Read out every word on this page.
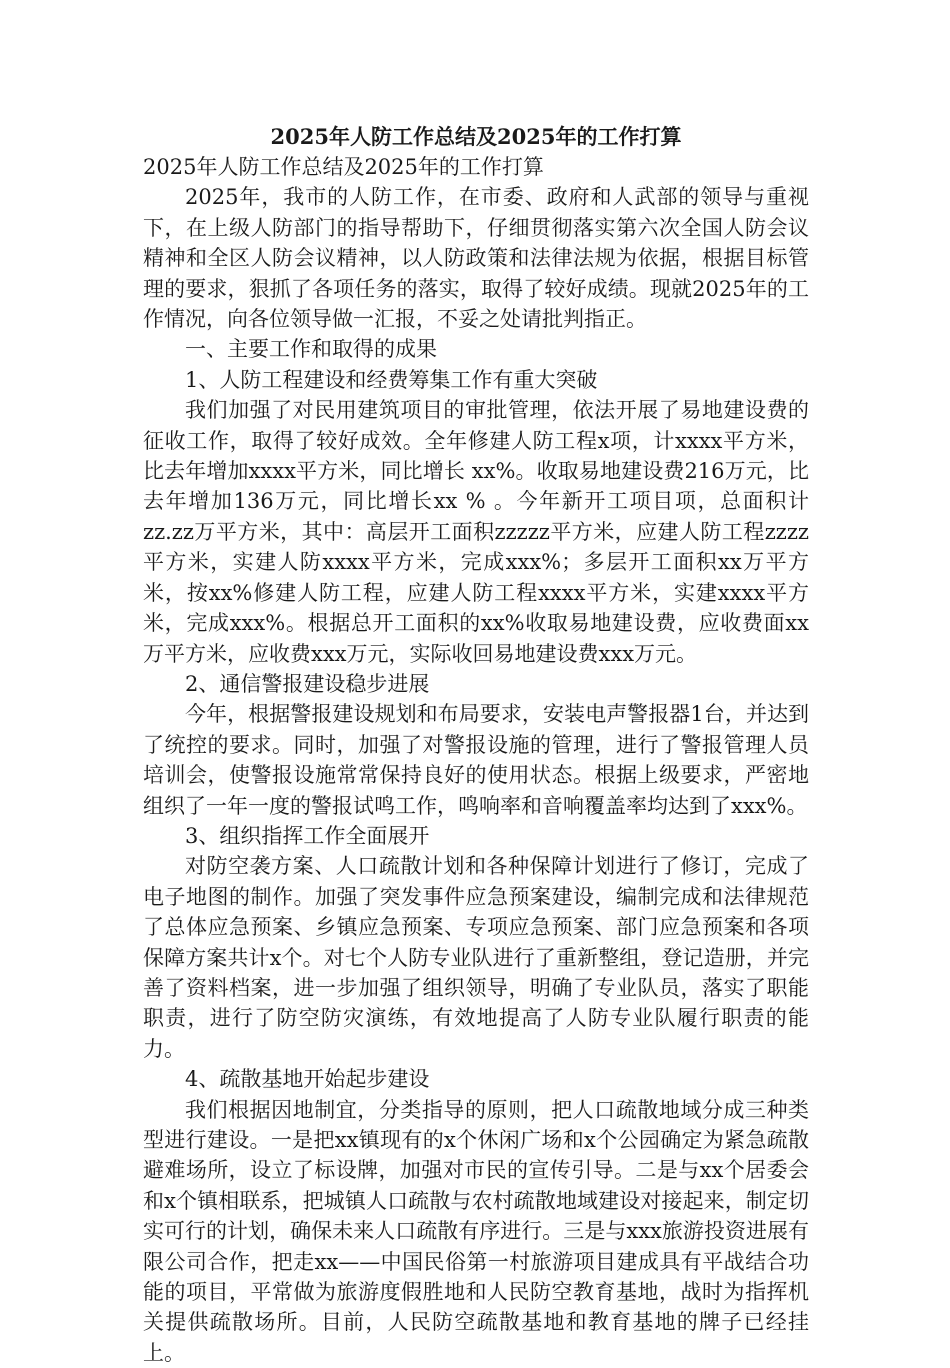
2025年人防工作总结及2025年的工作打算

2025年人防工作总结及2025年的工作打算

2025年，我市的人防工作，在市委、政府和人武部的领导与重视下，在上级人防部门的指导帮助下，仔细贯彻落实第六次全国人防会议精神和全区人防会议精神，以人防政策和法律法规为依据，根据目标管理的要求，狠抓了各项任务的落实，取得了较好成绩。现就2025年的工作情况，向各位领导做一汇报，不妥之处请批判指正。

一、主要工作和取得的成果

1、人防工程建设和经费筹集工作有重大突破

我们加强了对民用建筑项目的审批管理，依法开展了易地建设费的征收工作，取得了较好成效。全年修建人防工程x项，计xxxx平方米，比去年增加xxxx平方米，同比增长 xx%。收取易地建设费216万元，比去年增加136万元，同比增长xx % 。今年新开工项目项，总面积计zz.zz万平方米，其中：高层开工面积zzzzz平方米，应建人防工程zzzz平方米，实建人防xxxx平方米，完成xxx%；多层开工面积xx万平方米，按xx%修建人防工程，应建人防工程xxxx平方米，实建xxxx平方米，完成xxx%。根据总开工面积的xx%收取易地建设费，应收费面xx万平方米，应收费xxx万元，实际收回易地建设费xxx万元。

2、通信警报建设稳步进展

今年，根据警报建设规划和布局要求，安装电声警报器1台，并达到了统控的要求。同时，加强了对警报设施的管理，进行了警报管理人员培训会，使警报设施常常保持良好的使用状态。根据上级要求，严密地组织了一年一度的警报试鸣工作，鸣响率和音响覆盖率均达到了xxx%。

3、组织指挥工作全面展开

对防空袭方案、人口疏散计划和各种保障计划进行了修订，完成了电子地图的制作。加强了突发事件应急预案建设，编制完成和法律规范了总体应急预案、乡镇应急预案、专项应急预案、部门应急预案和各项保障方案共计x个。对七个人防专业队进行了重新整组，登记造册，并完善了资料档案，进一步加强了组织领导，明确了专业队员，落实了职能职责，进行了防空防灾演练，有效地提高了人防专业队履行职责的能力。

4、疏散基地开始起步建设

我们根据因地制宜，分类指导的原则，把人口疏散地域分成三种类型进行建设。一是把xx镇现有的x个休闲广场和x个公园确定为紧急疏散避难场所，设立了标设牌，加强对市民的宣传引导。二是与xx个居委会和x个镇相联系，把城镇人口疏散与农村疏散地域建设对接起来，制定切实可行的计划，确保未来人口疏散有序进行。三是与xxx旅游投资进展有限公司合作，把走xx——中国民俗第一村旅游项目建成具有平战结合功能的项目，平常做为旅游度假胜地和人民防空教育基地，战时为指挥机关提供疏散场所。目前，人民防空疏散基地和教育基地的牌子已经挂上。
